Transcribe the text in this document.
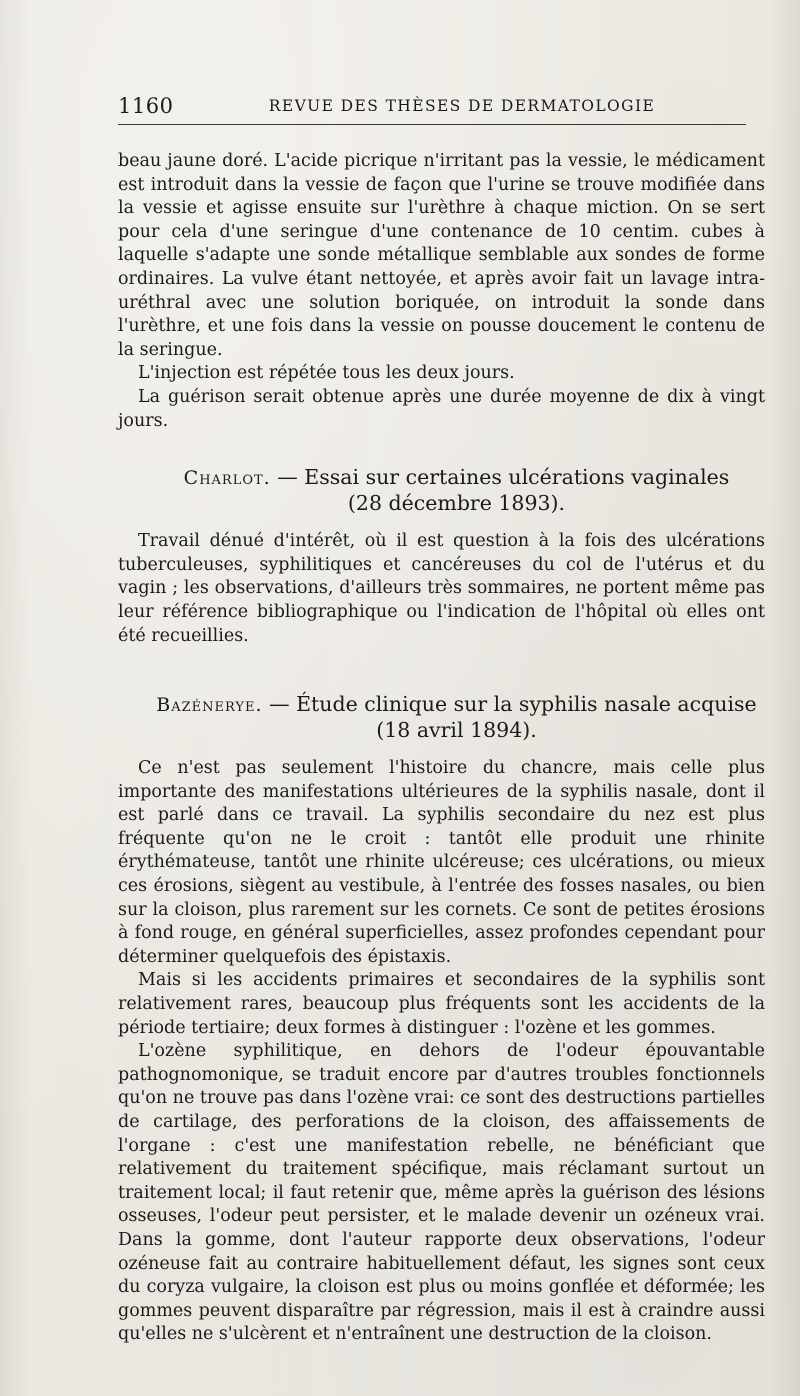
1160	REVUE DES THÈSES DE DERMATOLOGIE

beau jaune doré. L'acide picrique n'irritant pas la vessie, le médicament est introduit dans la vessie de façon que l'urine se trouve modifiée dans la vessie et agisse ensuite sur l'urèthre à chaque miction. On se sert pour cela d'une seringue d'une contenance de 10 centim. cubes à laquelle s'adapte une sonde métallique semblable aux sondes de forme ordinaires. La vulve étant nettoyée, et après avoir fait un lavage intra-uréthral avec une solution boriquée, on introduit la sonde dans l'urèthre, et une fois dans la vessie on pousse doucement le contenu de la seringue.

L'injection est répétée tous les deux jours.

La guérison serait obtenue après une durée moyenne de dix à vingt jours.

Charlot. — Essai sur certaines ulcérations vaginales
(28 décembre 1893).

Travail dénué d'intérêt, où il est question à la fois des ulcérations tuberculeuses, syphilitiques et cancéreuses du col de l'utérus et du vagin ; les observations, d'ailleurs très sommaires, ne portent même pas leur référence bibliographique ou l'indication de l'hôpital où elles ont été recueillies.

Bazénerye. — Étude clinique sur la syphilis nasale acquise
(18 avril 1894).

Ce n'est pas seulement l'histoire du chancre, mais celle plus importante des manifestations ultérieures de la syphilis nasale, dont il est parlé dans ce travail. La syphilis secondaire du nez est plus fréquente qu'on ne le croit : tantôt elle produit une rhinite érythémateuse, tantôt une rhinite ulcéreuse; ces ulcérations, ou mieux ces érosions, siègent au vestibule, à l'entrée des fosses nasales, ou bien sur la cloison, plus rarement sur les cornets. Ce sont de petites érosions à fond rouge, en général superficielles, assez profondes cependant pour déterminer quelquefois des épistaxis.

Mais si les accidents primaires et secondaires de la syphilis sont relativement rares, beaucoup plus fréquents sont les accidents de la période tertiaire; deux formes à distinguer : l'ozène et les gommes.

L'ozène syphilitique, en dehors de l'odeur épouvantable pathognomonique, se traduit encore par d'autres troubles fonctionnels qu'on ne trouve pas dans l'ozène vrai: ce sont des destructions partielles de cartilage, des perforations de la cloison, des affaissements de l'organe : c'est une manifestation rebelle, ne bénéficiant que relativement du traitement spécifique, mais réclamant surtout un traitement local; il faut retenir que, même après la guérison des lésions osseuses, l'odeur peut persister, et le malade devenir un ozéneux vrai. Dans la gomme, dont l'auteur rapporte deux observations, l'odeur ozéneuse fait au contraire habituellement défaut, les signes sont ceux du coryza vulgaire, la cloison est plus ou moins gonflée et déformée; les gommes peuvent disparaître par régression, mais il est à craindre aussi qu'elles ne s'ulcèrent et n'entraînent une destruction de la cloison.
